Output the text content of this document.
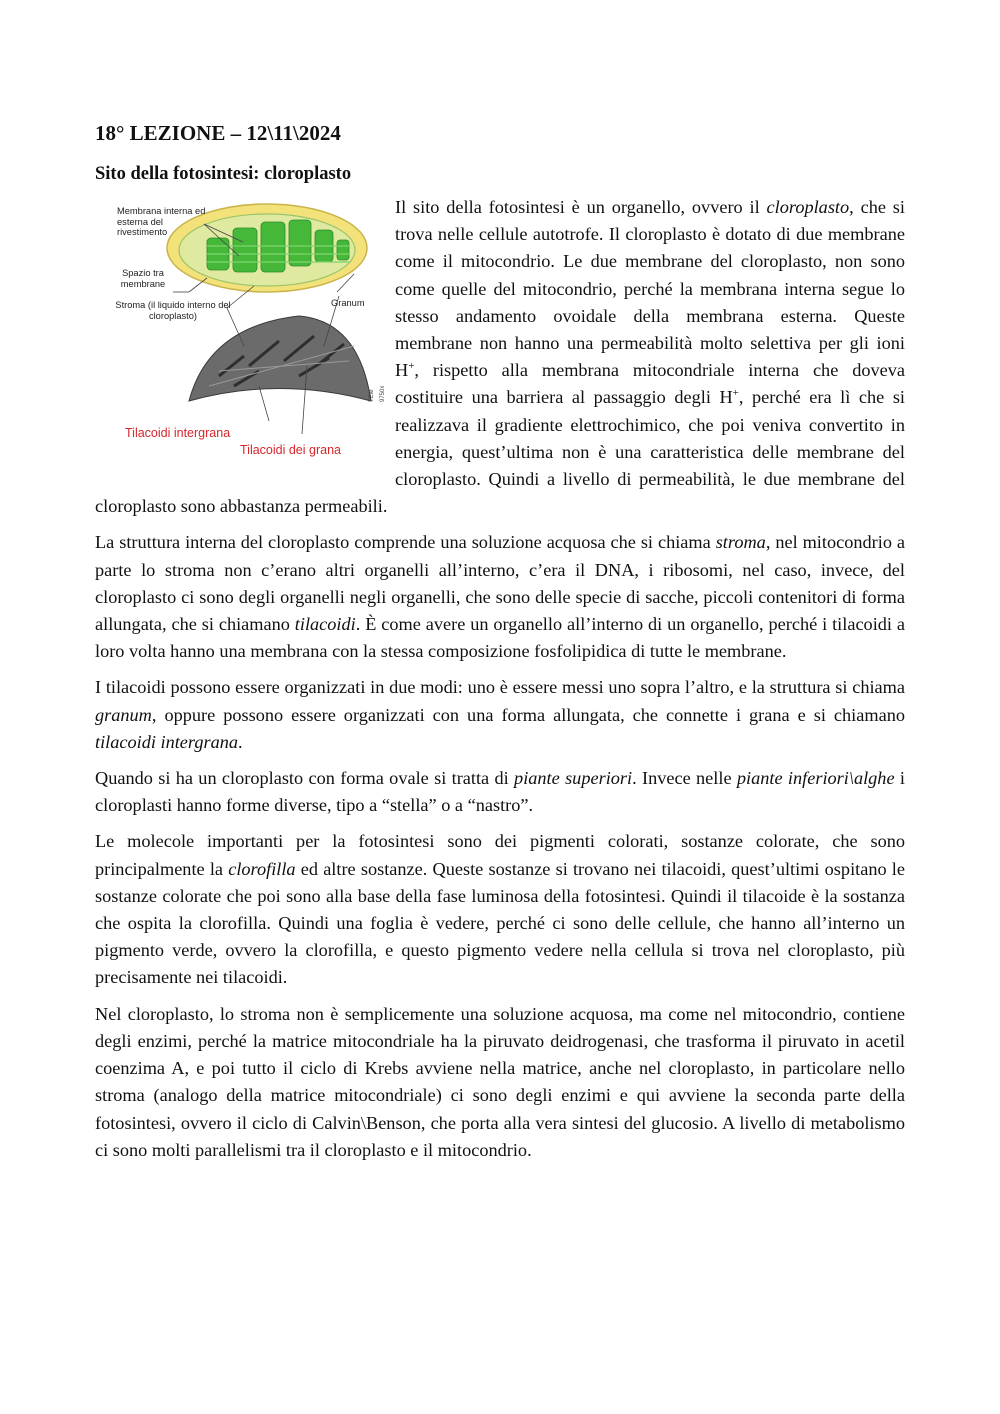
18° LEZIONE – 12\11\2024
Sito della fotosintesi: cloroplasto
Membrana interna ed esterna del rivestimento
Spazio tra membrane
Stroma (il liquido interno del cloroplasto)
Granum
Tilacoidi intergrana
Tilacoidi dei grana
TEM 9750x

Il sito della fotosintesi è un organello, ovvero il cloroplasto, che si trova nelle cellule autotrofe. Il cloroplasto è dotato di due membrane come il mitocondrio. Le due membrane del cloroplasto, non sono come quelle del mitocondrio, perché la membrana interna segue lo stesso andamento ovoidale della membrana esterna. Queste membrane non hanno una permeabilità molto selettiva per gli ioni H+, rispetto alla membrana mitocondriale interna che doveva costituire una barriera al passaggio degli H+, perché era lì che si realizzava il gradiente elettrochimico, che poi veniva convertito in energia, quest’ultima non è una caratteristica delle membrane del cloroplasto. Quindi a livello di permeabilità, le due membrane del cloroplasto sono abbastanza permeabili.

La struttura interna del cloroplasto comprende una soluzione acquosa che si chiama stroma, nel mitocondrio a parte lo stroma non c’erano altri organelli all’interno, c’era il DNA, i ribosomi, nel caso, invece, del cloroplasto ci sono degli organelli negli organelli, che sono delle specie di sacche, piccoli contenitori di forma allungata, che si chiamano tilacoidi. È come avere un organello all’interno di un organello, perché i tilacoidi a loro volta hanno una membrana con la stessa composizione fosfolipidica di tutte le membrane.

I tilacoidi possono essere organizzati in due modi: uno è essere messi uno sopra l’altro, e la struttura si chiama granum, oppure possono essere organizzati con una forma allungata, che connette i grana e si chiamano tilacoidi intergrana.

Quando si ha un cloroplasto con forma ovale si tratta di piante superiori. Invece nelle piante inferiori\alghe i cloroplasti hanno forme diverse, tipo a “stella” o a “nastro”.

Le molecole importanti per la fotosintesi sono dei pigmenti colorati, sostanze colorate, che sono principalmente la clorofilla ed altre sostanze. Queste sostanze si trovano nei tilacoidi, quest’ultimi ospitano le sostanze colorate che poi sono alla base della fase luminosa della fotosintesi. Quindi il tilacoide è la sostanza che ospita la clorofilla. Quindi una foglia è vedere, perché ci sono delle cellule, che hanno all’interno un pigmento verde, ovvero la clorofilla, e questo pigmento vedere nella cellula si trova nel cloroplasto, più precisamente nei tilacoidi.

Nel cloroplasto, lo stroma non è semplicemente una soluzione acquosa, ma come nel mitocondrio, contiene degli enzimi, perché la matrice mitocondriale ha la piruvato deidrogenasi, che trasforma il piruvato in acetil coenzima A, e poi tutto il ciclo di Krebs avviene nella matrice, anche nel cloroplasto, in particolare nello stroma (analogo della matrice mitocondriale) ci sono degli enzimi e qui avviene la seconda parte della fotosintesi, ovvero il ciclo di Calvin\Benson, che porta alla vera sintesi del glucosio. A livello di metabolismo ci sono molti parallelismi tra il cloroplasto e il mitocondrio.
